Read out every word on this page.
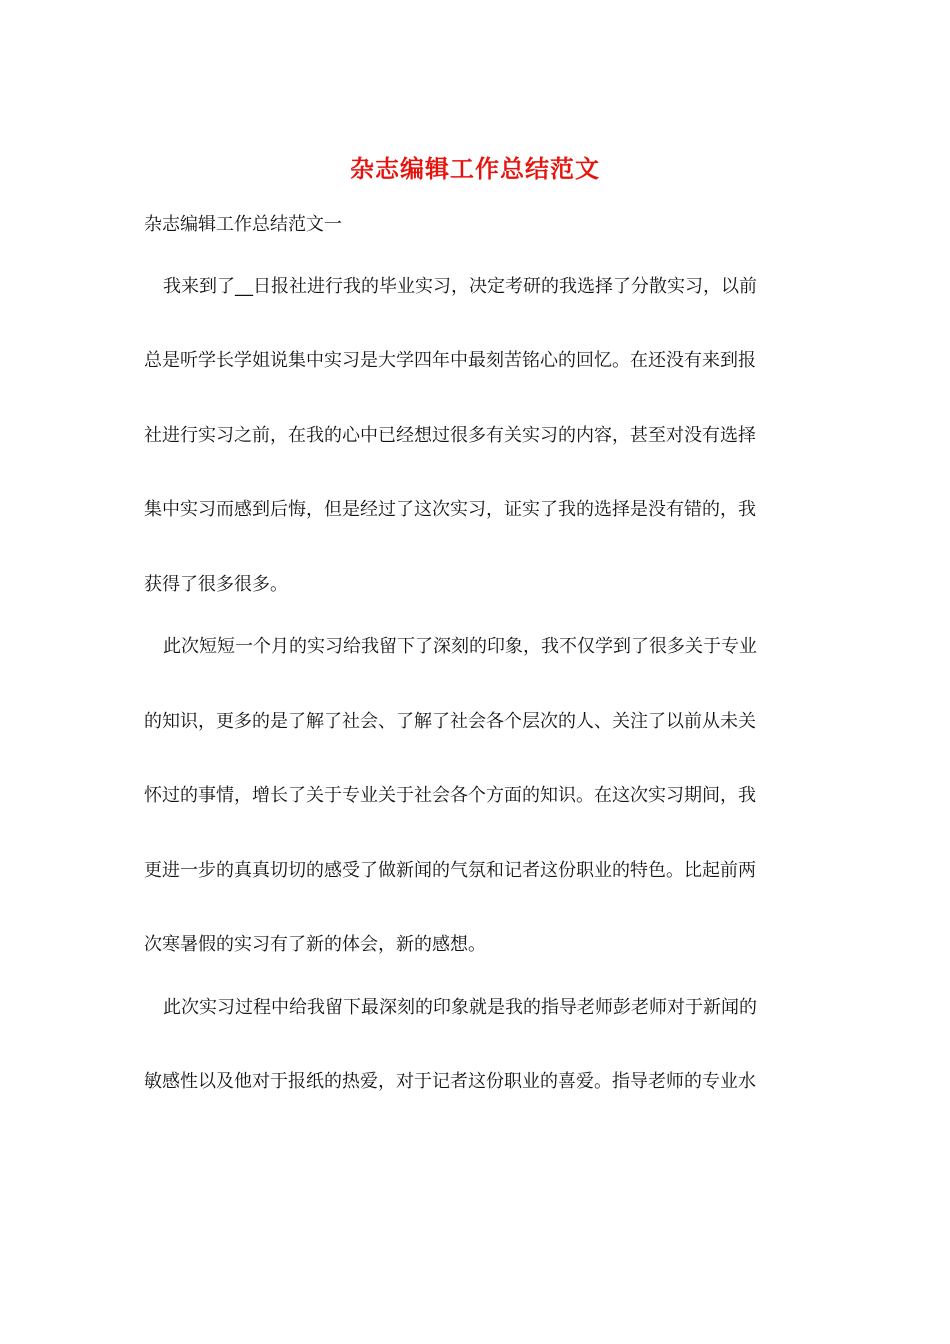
杂志编辑工作总结范文
杂志编辑工作总结范文一
我来到了__日报社进行我的毕业实习，决定考研的我选择了分散实习，以前
总是听学长学姐说集中实习是大学四年中最刻苦铭心的回忆。在还没有来到报
社进行实习之前，在我的心中已经想过很多有关实习的内容，甚至对没有选择
集中实习而感到后悔，但是经过了这次实习，证实了我的选择是没有错的，我
获得了很多很多。
此次短短一个月的实习给我留下了深刻的印象，我不仅学到了很多关于专业
的知识，更多的是了解了社会、了解了社会各个层次的人、关注了以前从未关
怀过的事情，增长了关于专业关于社会各个方面的知识。在这次实习期间，我
更进一步的真真切切的感受了做新闻的气氛和记者这份职业的特色。比起前两
次寒暑假的实习有了新的体会，新的感想。
此次实习过程中给我留下最深刻的印象就是我的指导老师彭老师对于新闻的
敏感性以及他对于报纸的热爱，对于记者这份职业的喜爱。指导老师的专业水
